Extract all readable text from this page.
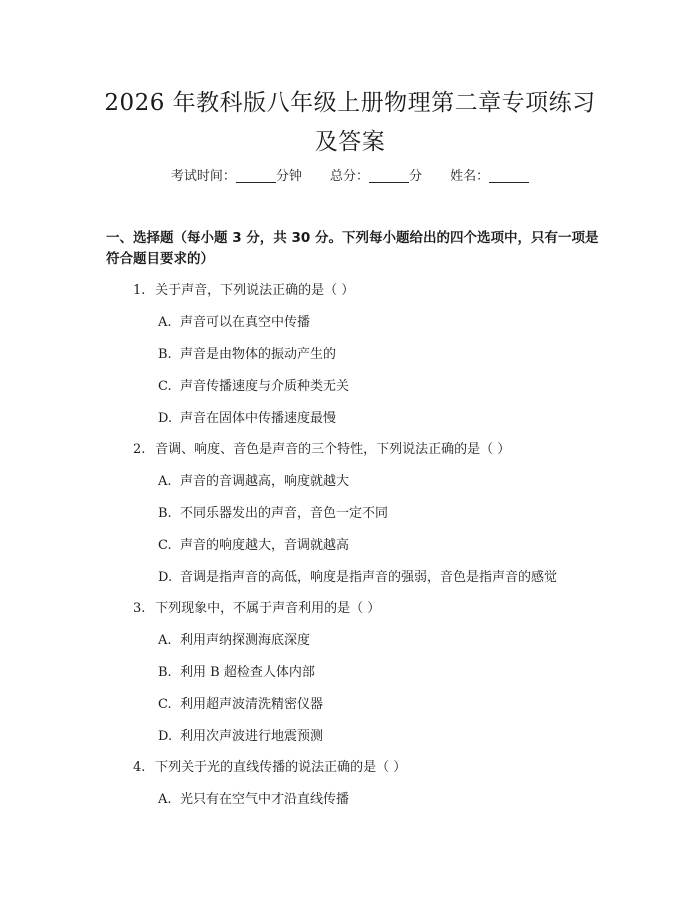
2026 年教科版八年级上册物理第二章专项练习及答案
考试时间：	分钟 总分：	分 姓名：
一、选择题（每小题 3 分，共 30 分。下列每小题给出的四个选项中，只有一项是符合题目要求的）
1. 关于声音，下列说法正确的是（ ）
A. 声音可以在真空中传播
B. 声音是由物体的振动产生的
C. 声音传播速度与介质种类无关
D. 声音在固体中传播速度最慢
2. 音调、响度、音色是声音的三个特性，下列说法正确的是（ ）
A. 声音的音调越高，响度就越大
B. 不同乐器发出的声音，音色一定不同
C. 声音的响度越大，音调就越高
D. 音调是指声音的高低，响度是指声音的强弱，音色是指声音的感觉
3. 下列现象中，不属于声音利用的是（ ）
A. 利用声纳探测海底深度
B. 利用 B 超检查人体内部
C. 利用超声波清洗精密仪器
D. 利用次声波进行地震预测
4. 下列关于光的直线传播的说法正确的是（ ）
A. 光只有在空气中才沿直线传播
